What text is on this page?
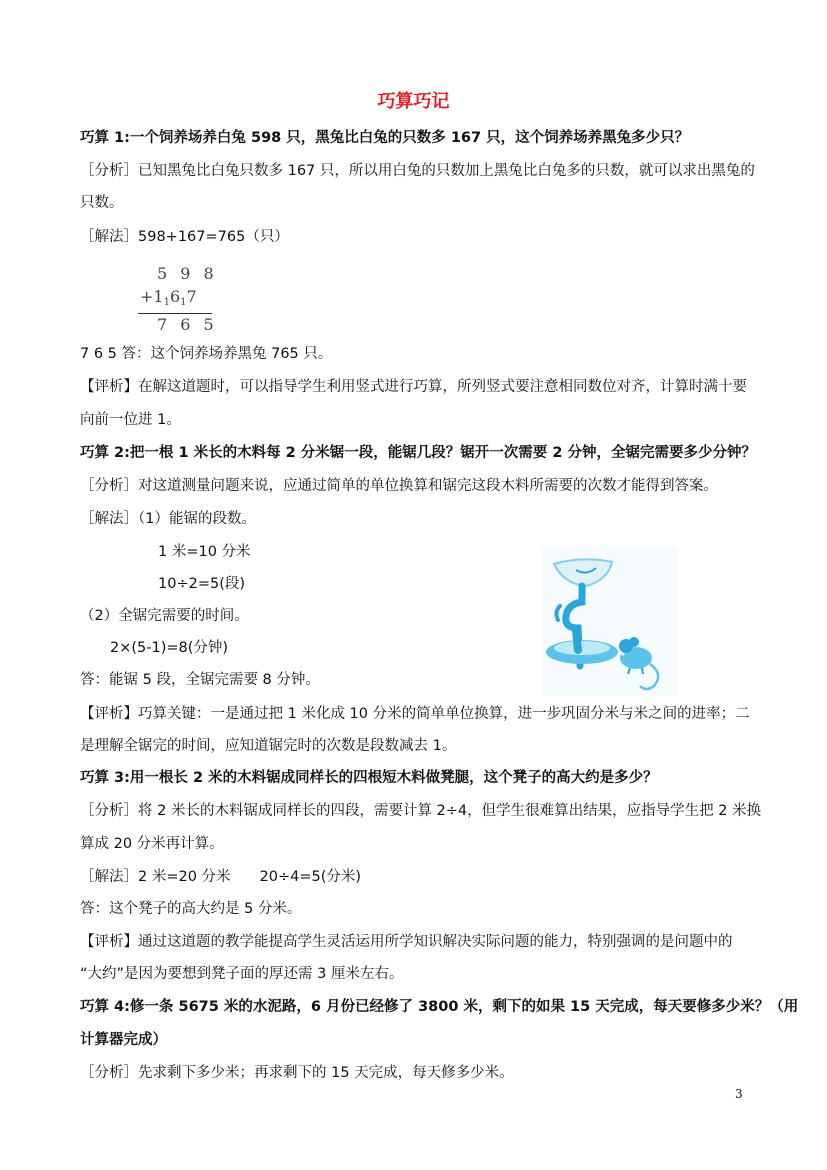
巧算巧记
巧算 1:一个饲养场养白兔 598 只，黑兔比白兔的只数多 167 只，这个饲养场养黑兔多少只？
［分析］已知黑兔比白兔只数多 167 只，所以用白兔的只数加上黑兔比白兔多的只数，就可以求出黑兔的
只数。
［解法］598+167=765（只）
5 9 8
$+1_16_17$
7 6 5
7 6 5 答：这个饲养场养黑兔 765 只。
【评析】在解这道题时，可以指导学生利用竖式进行巧算，所列竖式要注意相同数位对齐，计算时满十要
向前一位进 1。
巧算 2:把一根 1 米长的木料每 2 分米锯一段，能锯几段？锯开一次需要 2 分钟，全锯完需要多少分钟？
［分析］对这道测量问题来说，应通过简单的单位换算和锯完这段木料所需要的次数才能得到答案。
［解法］（1）能锯的段数。
1 米=10 分米
10÷2=5(段)
（2）全锯完需要的时间。
2×(5-1)=8(分钟)
答：能锯 5 段，全锯完需要 8 分钟。
【评析】巧算关键：一是通过把 1 米化成 10 分米的简单单位换算，进一步巩固分米与米之间的进率；二
是理解全锯完的时间，应知道锯完时的次数是段数减去 1。
巧算 3:用一根长 2 米的木料锯成同样长的四根短木料做凳腿，这个凳子的高大约是多少？
［分析］将 2 米长的木料锯成同样长的四段，需要计算 2÷4，但学生很难算出结果，应指导学生把 2 米换
算成 20 分米再计算。
［解法］2 米=20 分米　　20÷4=5(分米)
答：这个凳子的高大约是 5 分米。
【评析】通过这道题的教学能提高学生灵活运用所学知识解决实际问题的能力，特别强调的是问题中的
“大约”是因为要想到凳子面的厚还需 3 厘米左右。
巧算 4:修一条 5675 米的水泥路，6 月份已经修了 3800 米，剩下的如果 15 天完成，每天要修多少米？（用
计算器完成）
［分析］先求剩下多少米；再求剩下的 15 天完成，每天修多少米。
3
